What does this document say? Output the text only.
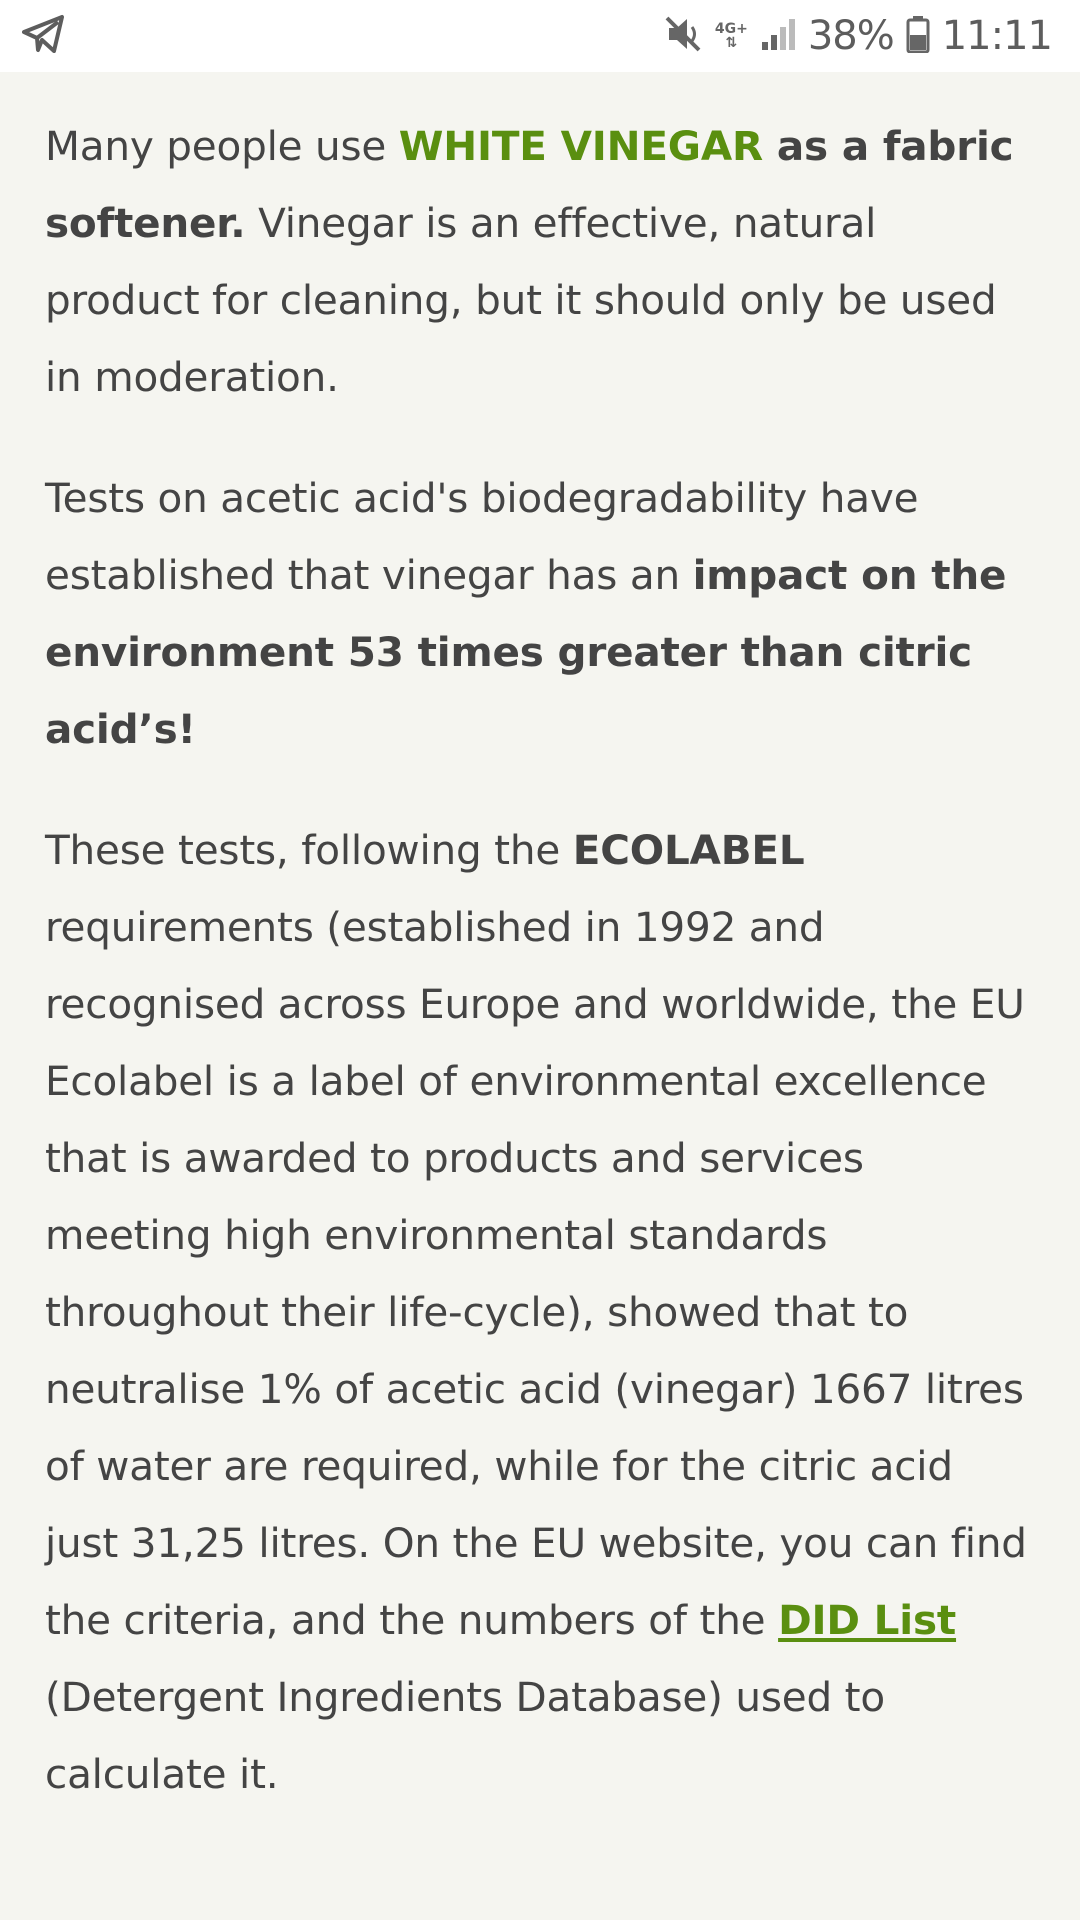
4G+
⇅ 38% 11:11

Many people use WHITE VINEGAR as a fabric softener. Vinegar is an effective, natural product for cleaning, but it should only be used in moderation.

Tests on acetic acid's biodegradability have established that vinegar has an impact on the environment 53 times greater than citric acid’s!

These tests, following the ECOLABEL requirements (established in 1992 and recognised across Europe and worldwide, the EU Ecolabel is a label of environmental excellence that is awarded to products and services meeting high environmental standards throughout their life-cycle), showed that to neutralise 1% of acetic acid (vinegar) 1667 litres of water are required, while for the citric acid just 31,25 litres. On the EU website, you can find the criteria, and the numbers of the DID List (Detergent Ingredients Database) used to calculate it.
